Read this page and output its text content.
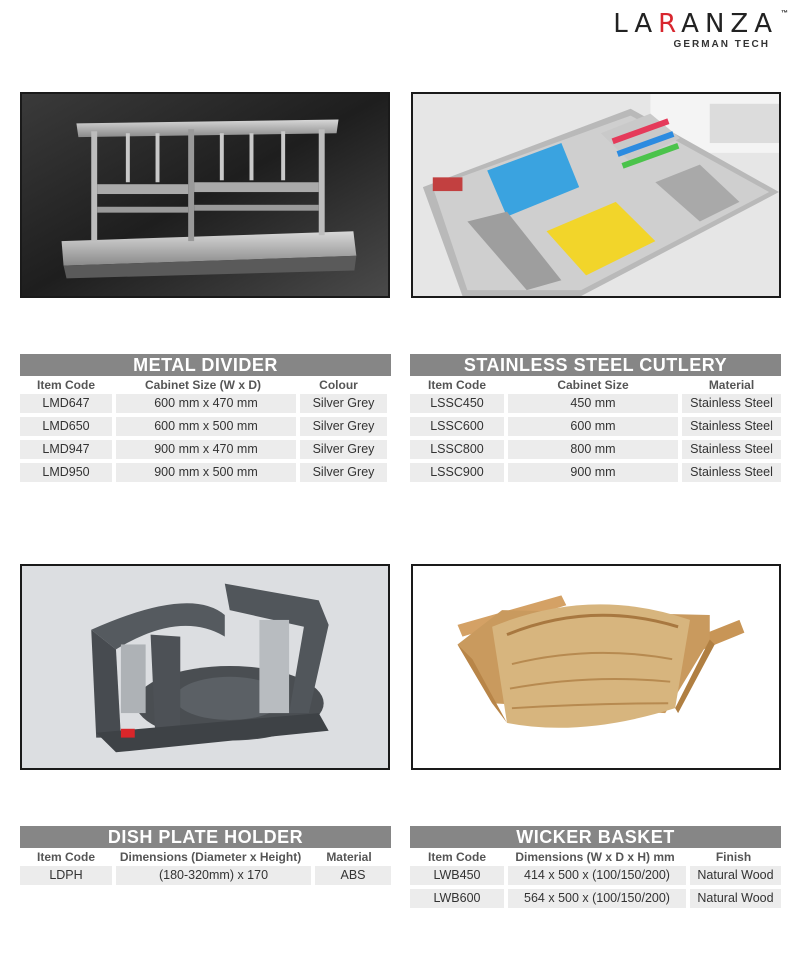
LARANZA ™
GERMAN TECH
METAL DIVIDER
Item Code	Cabinet Size (W x D)	Colour
LMD647	600 mm x 470 mm	Silver Grey
LMD650	600 mm x 500 mm	Silver Grey
LMD947	900 mm x 470 mm	Silver Grey
LMD950	900 mm x 500 mm	Silver Grey
STAINLESS STEEL CUTLERY
Item Code	Cabinet Size	Material
LSSC450	450 mm	Stainless Steel
LSSC600	600 mm	Stainless Steel
LSSC800	800 mm	Stainless Steel
LSSC900	900 mm	Stainless Steel
DISH PLATE HOLDER
Item Code	Dimensions (Diameter x Height)	Material
LDPH	(180-320mm) x 170	ABS
WICKER BASKET
Item Code	Dimensions (W x D x H) mm	Finish
LWB450	414 x 500 x (100/150/200)	Natural Wood
LWB600	564 x 500 x (100/150/200)	Natural Wood
